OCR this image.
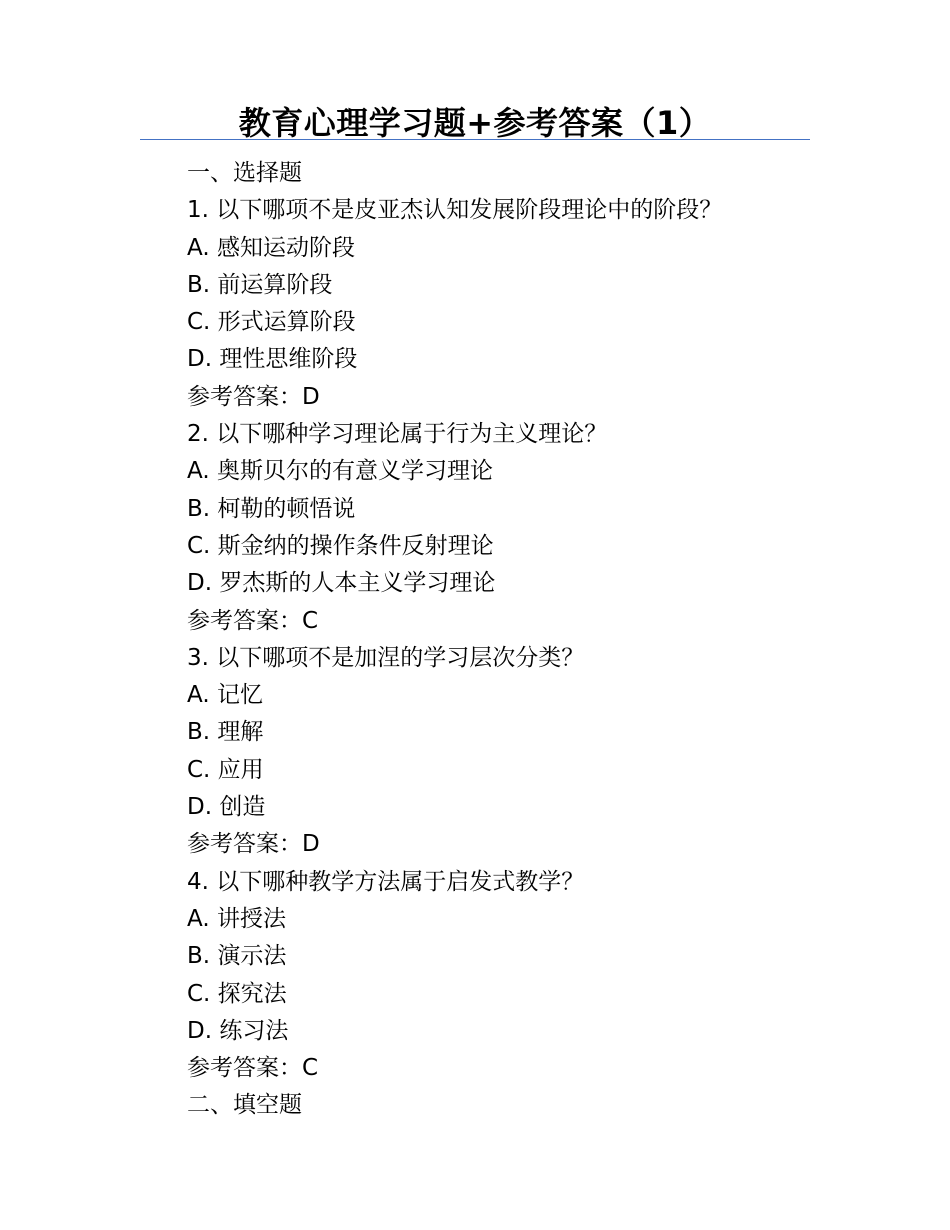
教育心理学习题+参考答案（1）
一、选择题
1. 以下哪项不是皮亚杰认知发展阶段理论中的阶段？
A. 感知运动阶段
B. 前运算阶段
C. 形式运算阶段
D. 理性思维阶段
参考答案：D
2. 以下哪种学习理论属于行为主义理论？
A. 奥斯贝尔的有意义学习理论
B. 柯勒的顿悟说
C. 斯金纳的操作条件反射理论
D. 罗杰斯的人本主义学习理论
参考答案：C
3. 以下哪项不是加涅的学习层次分类？
A. 记忆
B. 理解
C. 应用
D. 创造
参考答案：D
4. 以下哪种教学方法属于启发式教学？
A. 讲授法
B. 演示法
C. 探究法
D. 练习法
参考答案：C
二、填空题
